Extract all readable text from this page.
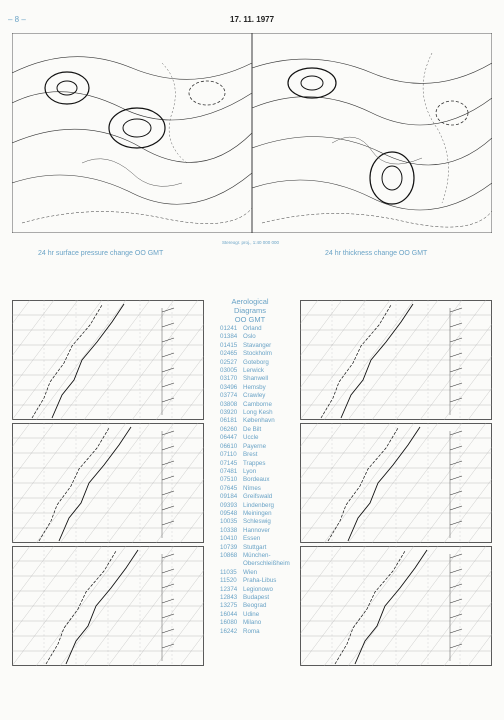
– 8 –	17. 11. 1977
Stereogr. proj., 1:40 000 000
24 hr surface pressure change OO GMT	24 hr thickness change OO GMT
Aerological
Diagrams
OO GMT
01241 Orland
01384 Oslo
01415 Stavanger
02465 Stockholm
02527 Goteborg
03005 Lerwick
03170 Shanwell
03496 Hemsby
03774 Crawley
03808 Camborne
03920 Long Kesh
06181 København
06260 De Bilt
06447 Uccle
06610 Payerne
07110 Brest
07145 Trappes
07481 Lyon
07510 Bordeaux
07645 Nîmes
09184 Greifswald
09393 Lindenberg
09548 Meiningen
10035 Schleswig
10338 Hannover
10410 Essen
10739 Stuttgart
10868 München-
Oberschleißheim
11035 Wien
11520 Praha-Libus
12374 Legionowo
12843 Budapest
13275 Beograd
16044 Udine
16080 Milano
16242 Roma
